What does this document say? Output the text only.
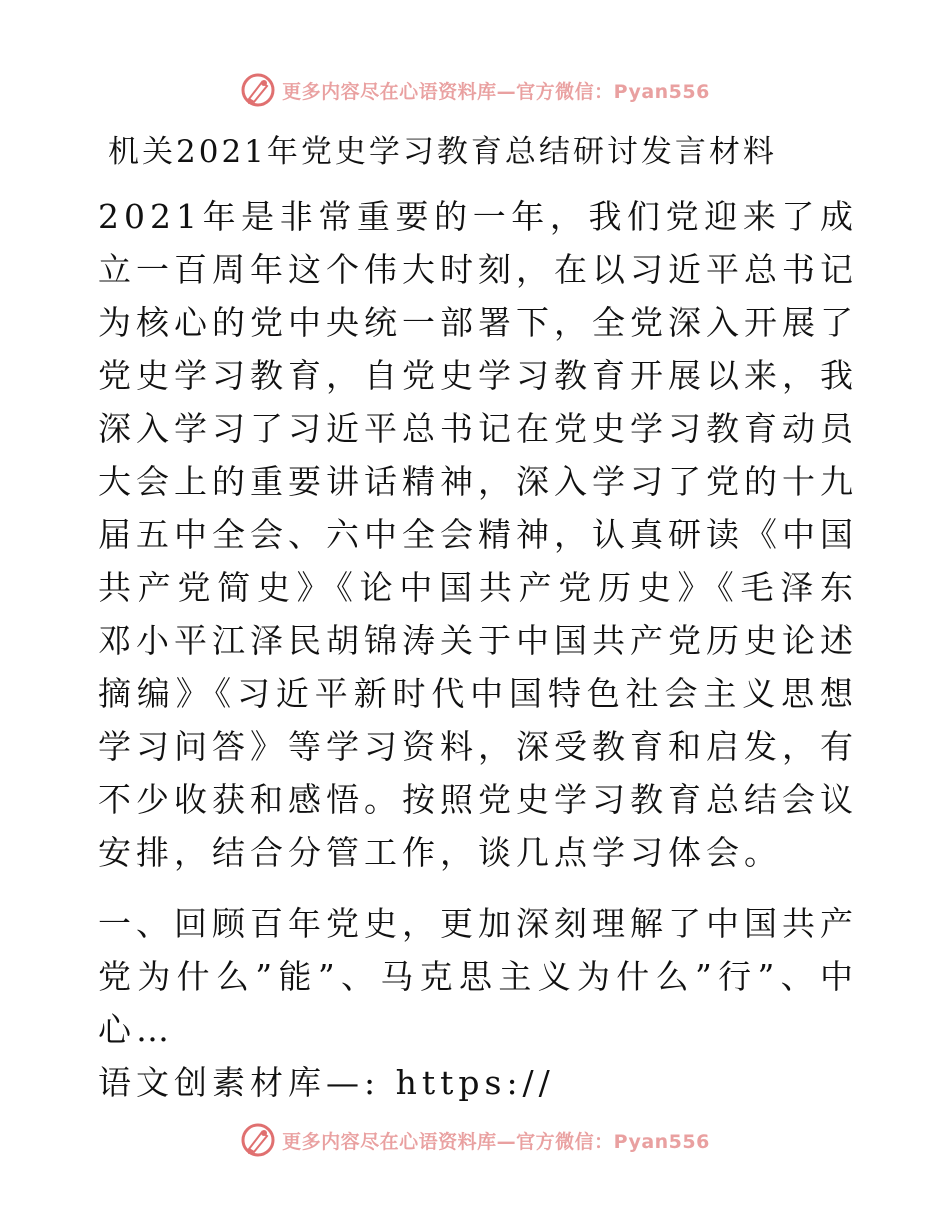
更多内容尽在心语资料库—官方微信：Pyan556
机关2021年党史学习教育总结研讨发言材料

2021年是非常重要的一年，我们党迎来了成立一百周年这个伟大时刻，在以习近平总书记为核心的党中央统一部署下，全党深入开展了党史学习教育，自党史学习教育开展以来，我深入学习了习近平总书记在党史学习教育动员大会上的重要讲话精神，深入学习了党的十九届五中全会、六中全会精神，认真研读《中国共产党简史》《论中国共产党历史》《毛泽东邓小平江泽民胡锦涛关于中国共产党历史论述摘编》《习近平新时代中国特色社会主义思想学习问答》等学习资料，深受教育和启发，有不少收获和感悟。按照党史学习教育总结会议安排，结合分管工作，谈几点学习体会。

一、回顾百年党史，更加深刻理解了中国共产党为什么”能”、马克思主义为什么”行”、中心…

语文创素材库—: https://
更多内容尽在心语资料库—官方微信：Pyan556
